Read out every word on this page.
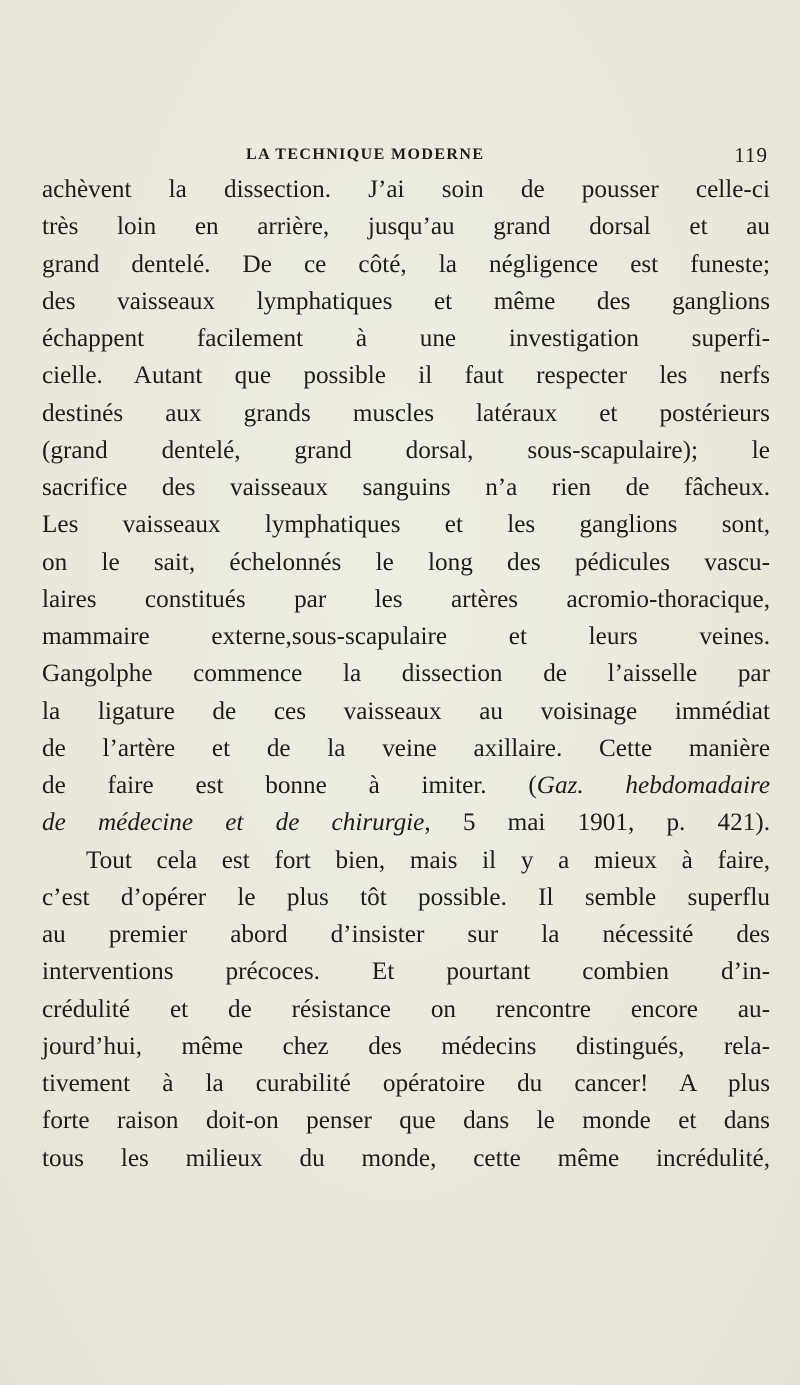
LA TECHNIQUE MODERNE	119
achèvent la dissection. J’ai soin de pousser celle-ci
très loin en arrière, jusqu’au grand dorsal et au
grand dentelé. De ce côté, la négligence est funeste;
des vaisseaux lymphatiques et même des ganglions
échappent facilement à une investigation superfi-
cielle. Autant que possible il faut respecter les nerfs
destinés aux grands muscles latéraux et postérieurs
(grand dentelé, grand dorsal, sous-scapulaire); le
sacrifice des vaisseaux sanguins n’a rien de fâcheux.
Les vaisseaux lymphatiques et les ganglions sont,
on le sait, échelonnés le long des pédicules vascu-
laires constitués par les artères acromio-thoracique,
mammaire externe,sous-scapulaire et leurs veines.
Gangolphe commence la dissection de l’aisselle par
la ligature de ces vaisseaux au voisinage immédiat
de l’artère et de la veine axillaire. Cette manière
de faire est bonne à imiter. (Gaz. hebdomadaire
de médecine et de chirurgie, 5 mai 1901, p. 421).
Tout cela est fort bien, mais il y a mieux à faire,
c’est d’opérer le plus tôt possible. Il semble superflu
au premier abord d’insister sur la nécessité des
interventions précoces. Et pourtant combien d’in-
crédulité et de résistance on rencontre encore au-
jourd’hui, même chez des médecins distingués, rela-
tivement à la curabilité opératoire du cancer! A plus
forte raison doit-on penser que dans le monde et dans
tous les milieux du monde, cette même incrédulité,
